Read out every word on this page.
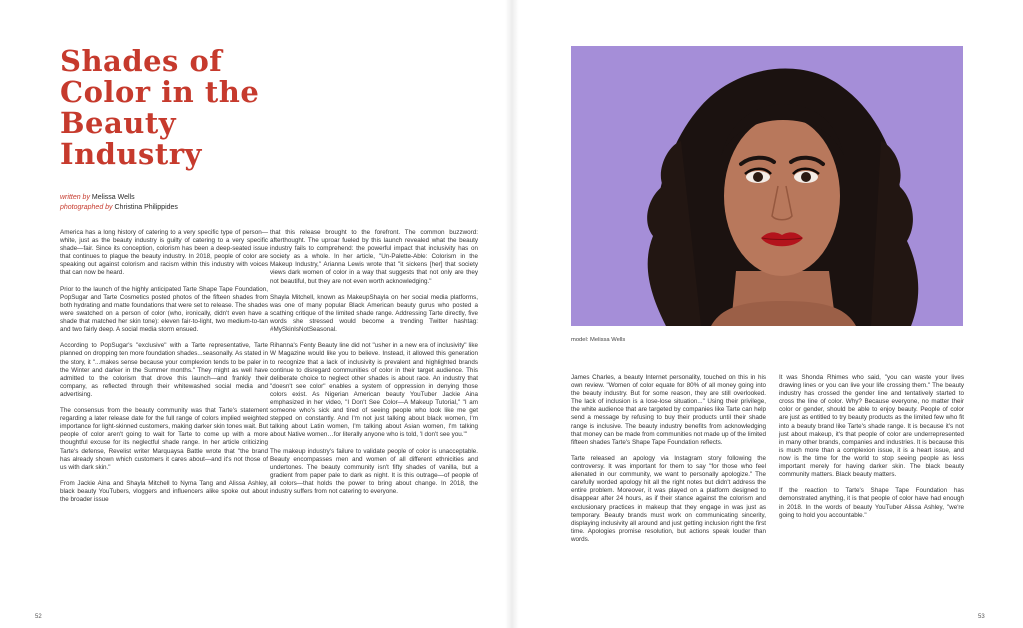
Shades of Color in the Beauty Industry
written by Melissa Wells
photographed by Christina Philippides

America has a long history of catering to a very specific type of person—white, just as the beauty industry is guilty of catering to a very specific shade—fair. Since its conception, colorism has been a deep-seated issue that continues to plague the beauty industry. In 2018, people of color are speaking out against colorism and racism within this industry with voices that can now be heard.

Prior to the launch of the highly anticipated Tarte Shape Tape Foundation, PopSugar and Tarte Cosmetics posted photos of the fifteen shades from both hydrating and matte foundations that were set to release. The shades were swatched on a person of color (who, ironically, didn't even have a shade that matched her skin tone): eleven fair-to-light, two medium-to-tan and two fairly deep. A social media storm ensued.

According to PopSugar's "exclusive" with a Tarte representative, Tarte planned on dropping ten more foundation shades...seasonally. As stated in the story, it "...makes sense because your complexion tends to be paler in the Winter and darker in the Summer months." They might as well have admitted to the colorism that drove this launch—and frankly their company, as reflected through their whitewashed social media and advertising.

The consensus from the beauty community was that Tarte's statement regarding a later release date for the full range of colors implied weighted importance for light-skinned customers, making darker skin tones wait. But people of color aren't going to wait for Tarte to come up with a more thoughtful excuse for its neglectful shade range. In her article criticizing Tarte's defense, Revelist writer Marquaysa Battle wrote that "the brand has already shown which customers it cares about—and it's not those of us with dark skin."

From Jackie Aina and Shayla Mitchell to Nyma Tang and Alissa Ashley, black beauty YouTubers, vloggers and influencers alike spoke out about the broader issue

that this release brought to the forefront. The common buzzword: afterthought. The uproar fueled by this launch revealed what the beauty industry fails to comprehend: the powerful impact that inclusivity has on society as a whole. In her article, "Un-Palette-Able: Colorism in the Makeup Industry," Arianna Lewis wrote that "it sickens [her] that society views dark women of color in a way that suggests that not only are they not beautiful, but they are not even worth acknowledging."

Shayla Mitchell, known as MakeupShayla on her social media platforms, was one of many popular Black American beauty gurus who posted a scathing critique of the limited shade range. Addressing Tarte directly, five words she stressed would become a trending Twitter hashtag: #MySkinIsNotSeasonal.

Rihanna's Fenty Beauty line did not "usher in a new era of inclusivity" like W Magazine would like you to believe. Instead, it allowed this generation to recognize that a lack of inclusivity is prevalent and highlighted brands continue to disregard communities of color in their target audience. This deliberate choice to neglect other shades is about race. An industry that "doesn't see color" enables a system of oppression in denying those colors exist. As Nigerian American beauty YouTuber Jackie Aina emphasized in her video, "I Don't See Color—A Makeup Tutorial," "I am someone who's sick and tired of seeing people who look like me get stepped on constantly. And I'm not just talking about black women, I'm talking about Latin women, I'm talking about Asian women, I'm talking about Native women…for literally anyone who is told, 'I don't see you.'"

The makeup industry's failure to validate people of color is unacceptable. Beauty encompasses men and women of all different ethnicities and undertones. The beauty community isn't fifty shades of vanilla, but a gradient from paper pale to dark as night. It is this outrage—of people of all colors—that holds the power to bring about change. In 2018, the industry suffers from not catering to everyone.

52
model: Melissa Wells

James Charles, a beauty Internet personality, touched on this in his own review. "Women of color equate for 80% of all money going into the beauty industry. But for some reason, they are still overlooked. The lack of inclusion is a lose-lose situation..." Using their privilege, the white audience that are targeted by companies like Tarte can help send a message by refusing to buy their products until their shade range is inclusive. The beauty industry benefits from acknowledging that money can be made from communities not made up of the limited fifteen shades Tarte's Shape Tape Foundation reflects.

Tarte released an apology via Instagram story following the controversy. It was important for them to say "for those who feel alienated in our community, we want to personally apologize." The carefully worded apology hit all the right notes but didn't address the entire problem. Moreover, it was played on a platform designed to disappear after 24 hours, as if their stance against the colorism and exclusionary practices in makeup that they engage in was just as temporary. Beauty brands must work on communicating sincerity, displaying inclusivity all around and just getting inclusion right the first time. Apologies promise resolution, but actions speak louder than words.

It was Shonda Rhimes who said, "you can waste your lives drawing lines or you can live your life crossing them." The beauty industry has crossed the gender line and tentatively started to cross the line of color. Why? Because everyone, no matter their color or gender, should be able to enjoy beauty. People of color are just as entitled to try beauty products as the limited few who fit into a beauty brand like Tarte's shade range. It is because it's not just about makeup, it's that people of color are underrepresented in many other brands, companies and industries. It is because this is much more than a complexion issue, it is a heart issue, and now is the time for the world to stop seeing people as less important merely for having darker skin. The black beauty community matters. Black beauty matters.

If the reaction to Tarte's Shape Tape Foundation has demonstrated anything, it is that people of color have had enough in 2018. In the words of beauty YouTuber Alissa Ashley, "we're going to hold you accountable."

53
